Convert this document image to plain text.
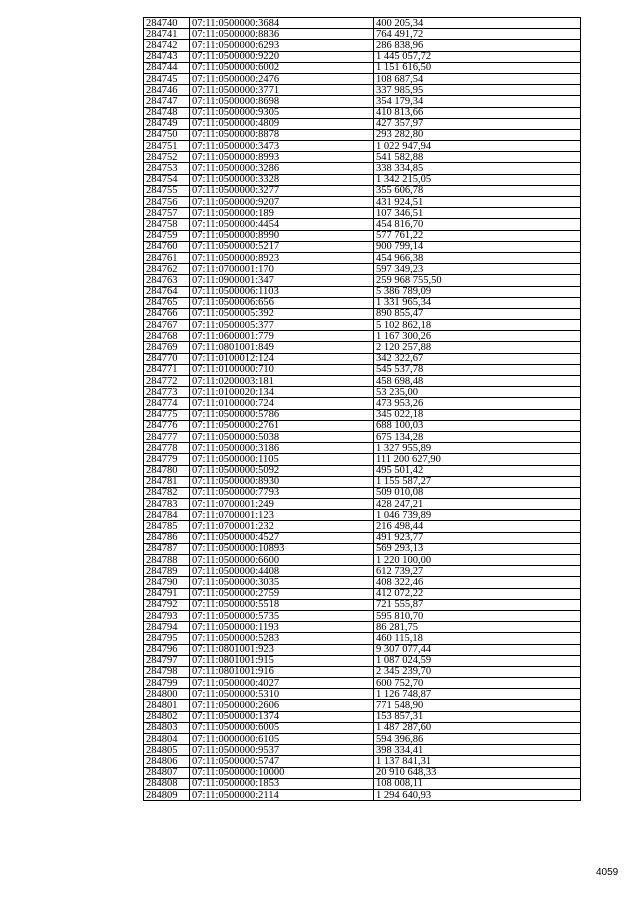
284740	07:11:0500000:3684	400 205,34
284741	07:11:0500000:8836	764 491,72
284742	07:11:0500000:6293	286 838,96
284743	07:11:0500000:9220	1 445 057,72
284744	07:11:0500000:6002	1 151 616,50
284745	07:11:0500000:2476	108 687,54
284746	07:11:0500000:3771	337 985,95
284747	07:11:0500000:8698	354 179,34
284748	07:11:0500000:9305	410 813,66
284749	07:11:0500000:4809	427 357,97
284750	07:11:0500000:8878	293 282,80
284751	07:11:0500000:3473	1 022 947,94
284752	07:11:0500000:8993	541 582,88
284753	07:11:0500000:3286	338 334,85
284754	07:11:0500000:3328	1 342 215,05
284755	07:11:0500000:3277	355 606,78
284756	07:11:0500000:9207	431 924,51
284757	07:11:0500000:189	107 346,51
284758	07:11:0500000:4454	454 816,70
284759	07:11:0500000:8990	577 761,22
284760	07:11:0500000:5217	900 799,14
284761	07:11:0500000:8923	454 966,38
284762	07:11:0700001:170	597 349,23
284763	07:11:0900001:347	259 968 755,50
284764	07:11:0500006:1103	5 386 789,09
284765	07:11:0500006:656	1 331 965,34
284766	07:11:0500005:392	890 855,47
284767	07:11:0500005:377	5 102 862,18
284768	07:11:0600001:779	1 167 300,26
284769	07:11:0801001:849	2 120 257,88
284770	07:11:0100012:124	342 322,67
284771	07:11:0100000:710	545 537,78
284772	07:11:0200003:181	458 698,48
284773	07:11:0100020:134	53 235,00
284774	07:11:0100000:724	473 953,26
284775	07:11:0500000:5786	345 022,18
284776	07:11:0500000:2761	688 100,03
284777	07:11:0500000:5038	675 134,28
284778	07:11:0500000:3186	1 327 955,89
284779	07:11:0500000:1105	111 200 627,90
284780	07:11:0500000:5092	495 501,42
284781	07:11:0500000:8930	1 155 587,27
284782	07:11:0500000:7793	509 010,08
284783	07:11:0700001:249	428 247,21
284784	07:11:0700001:123	1 046 739,89
284785	07:11:0700001:232	216 498,44
284786	07:11:0500000:4527	491 923,77
284787	07:11:0500000:10893	569 293,13
284788	07:11:0500000:6600	1 220 100,00
284789	07:11:0500000:4408	612 739,27
284790	07:11:0500000:3035	408 322,46
284791	07:11:0500000:2759	412 072,22
284792	07:11:0500000:5518	721 555,87
284793	07:11:0500000:5735	595 810,70
284794	07:11:0500000:1193	86 281,75
284795	07:11:0500000:5283	460 115,18
284796	07:11:0801001:923	9 307 077,44
284797	07:11:0801001:915	1 087 024,59
284798	07:11:0801001:916	2 345 239,70
284799	07:11:0500000:4027	600 752,70
284800	07:11:0500000:5310	1 126 748,87
284801	07:11:0500000:2606	771 548,90
284802	07:11:0500000:1374	153 857,31
284803	07:11:0500000:6005	1 487 287,60
284804	07:11:0000000:6105	594 396,86
284805	07:11:0500000:9537	398 334,41
284806	07:11:0500000:5747	1 137 841,31
284807	07:11:0500000:10000	20 910 648,33
284808	07:11:0500000:1853	108 008,11
284809	07:11:0500000:2114	1 294 640,93
4059
